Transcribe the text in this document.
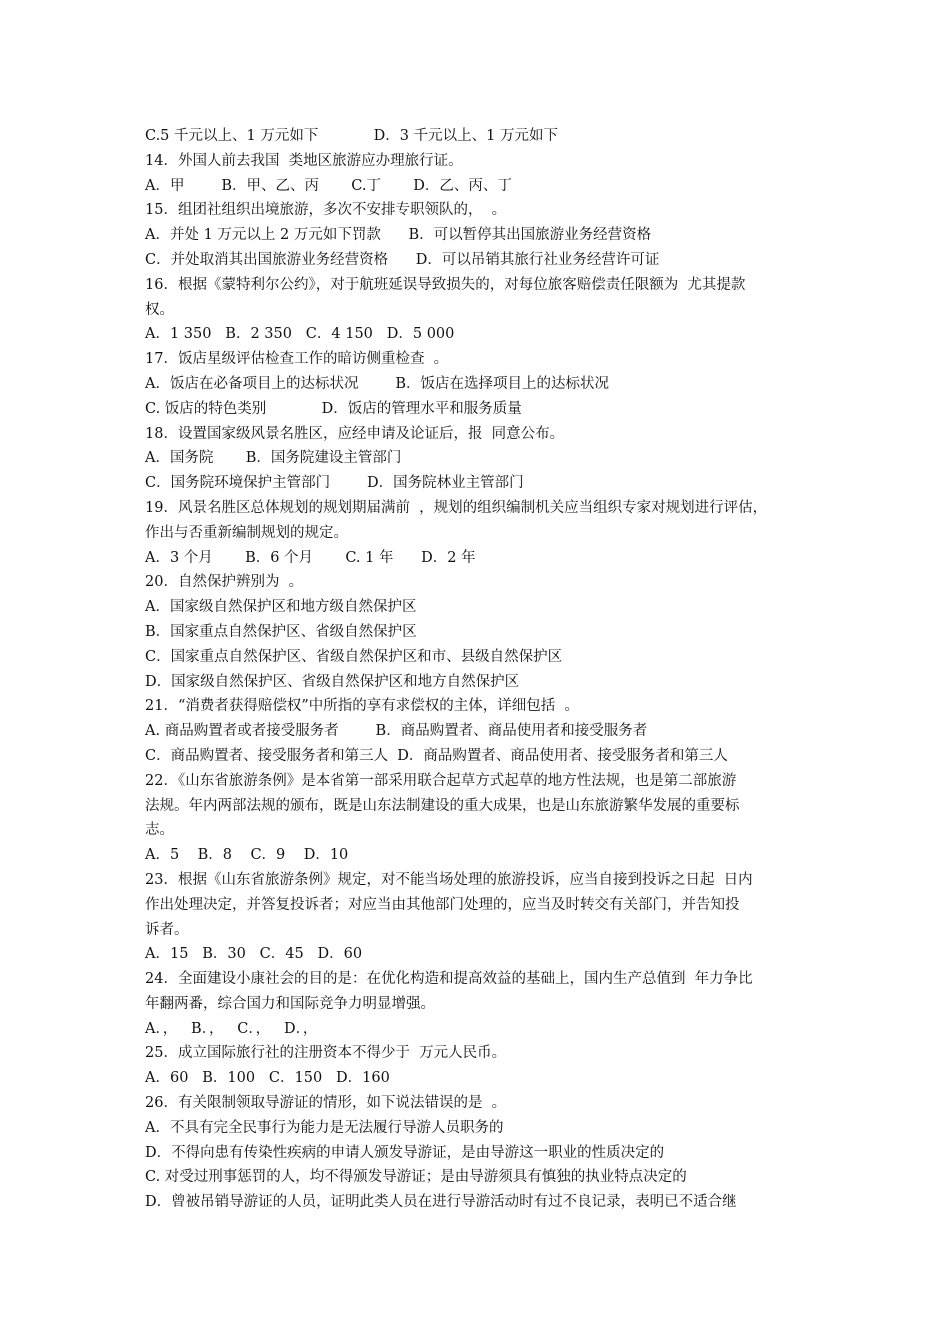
C.5 千元以上、1 万元如下            D．3 千元以上、1 万元如下
14．外国人前去我国  类地区旅游应办理旅行证。
A．甲        B．甲、乙、丙       C.丁       D．乙、丙、丁
15．组团社组织出境旅游，多次不安排专职领队的，  。
A．并处 1 万元以上 2 万元如下罚款      B．可以暂停其出国旅游业务经营资格
C．并处取消其出国旅游业务经营资格      D．可以吊销其旅行社业务经营许可证
16．根据《蒙特利尔公约》，对于航班延误导致损失的，对每位旅客赔偿责任限额为  尤其提款
权。
A．1 350   B．2 350   C．4 150   D．5 000
17．饭店星级评估检查工作的暗访侧重检查  。
A．饭店在必备项目上的达标状况        B．饭店在选择项目上的达标状况
C. 饭店的特色类别            D．饭店的管理水平和服务质量
18．设置国家级风景名胜区，应经申请及论证后，报  同意公布。
A．国务院       B．国务院建设主管部门
C．国务院环境保护主管部门        D．国务院林业主管部门
19．风景名胜区总体规划的规划期届满前  ，规划的组织编制机关应当组织专家对规划进行评估，
作出与否重新编制规划的规定。
A．3 个月       B．6 个月       C. 1 年      D．2 年
20．自然保护辨别为  。
A．国家级自然保护区和地方级自然保护区
B．国家重点自然保护区、省级自然保护区
C．国家重点自然保护区、省级自然保护区和市、县级自然保护区
D．国家级自然保护区、省级自然保护区和地方自然保护区
21．“消费者获得赔偿权”中所指的享有求偿权的主体，详细包括  。
A. 商品购置者或者接受服务者        B．商品购置者、商品使用者和接受服务者
C．商品购置者、接受服务者和第三人  D．商品购置者、商品使用者、接受服务者和第三人
22．《山东省旅游条例》是本省第一部采用联合起草方式起草的地方性法规，也是第二部旅游
法规。年内两部法规的颁布，既是山东法制建设的重大成果，也是山东旅游繁华发展的重要标
志。
A．5    B．8    C．9    D．10
23．根据《山东省旅游条例》规定，对不能当场处理的旅游投诉，应当自接到投诉之日起  日内
作出处理决定，并答复投诉者；对应当由其他部门处理的，应当及时转交有关部门，并告知投
诉者。
A．15   B．30   C．45   D．60
24．全面建设小康社会的目的是：在优化构造和提高效益的基础上，国内生产总值到  年力争比
年翻两番，综合国力和国际竞争力明显增强。
A．，   B．，   C．，   D．，
25．成立国际旅行社的注册资本不得少于  万元人民币。
A．60   B．100   C．150   D．160
26．有关限制领取导游证的情形，如下说法错误的是  。
A．不具有完全民事行为能力是无法履行导游人员职务的
D．不得向患有传染性疾病的申请人颁发导游证，是由导游这一职业的性质决定的
C. 对受过刑事惩罚的人，均不得颁发导游证；是由导游须具有慎独的执业特点决定的
D．曾被吊销导游证的人员，证明此类人员在进行导游活动时有过不良记录，表明已不适合继
